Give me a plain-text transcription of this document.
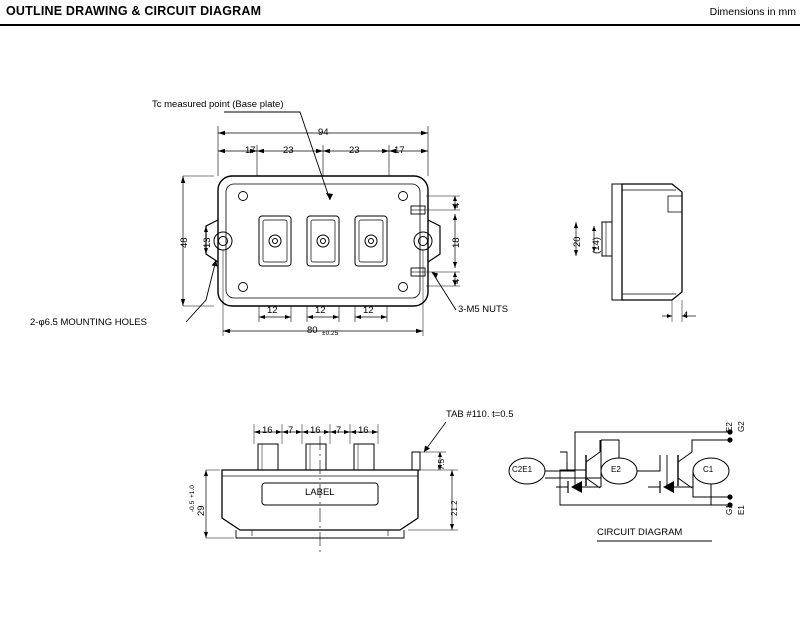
OUTLINE DRAWING & CIRCUIT DIAGRAM	Dimensions in mm
Tc measured point (Base plate)
94
17	23	23	17
48 13
4
18
4
12	12	12
80 ±0.25
2-φ6.5 MOUNTING HOLES
3-M5 NUTS
20 (14)
4
16 7 16 7 16
LABEL
29
+1.0
-0.5
7.5
21.2
TAB #110. t=0.5
C2E1	E2	C1
G2
E2
E1
G1
CIRCUIT DIAGRAM
